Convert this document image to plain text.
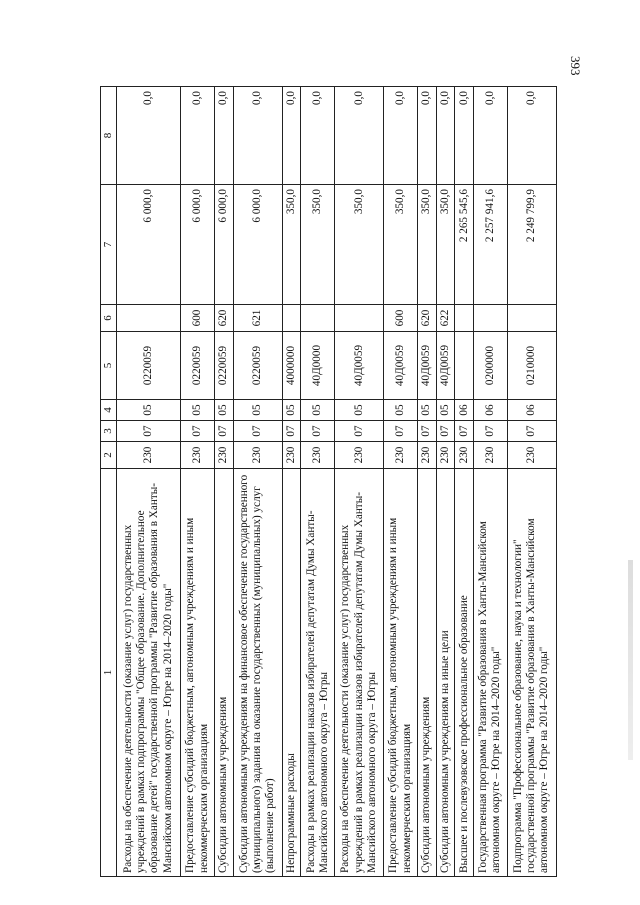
393
1	2	3	4	5	6	7	8
Расходы на обеспечение деятельности (оказание услуг) государственных учреждений в рамках подпрограммы "Общее образование. Дополнительное образование детей" государственной программы "Развитие образования в Ханты-Мансийском автономном округе – Югре на 2014–2020 годы"	230	07	05	0220059		6 000,0	0,0
Предоставление субсидий бюджетным, автономным учреждениям и иным некоммерческим организациям	230	07	05	0220059	600	6 000,0	0,0
Субсидии автономным учреждениям	230	07	05	0220059	620	6 000,0	0,0
Субсидии автономным учреждениям на финансовое обеспечение государственного (муниципального) задания на оказание государственных (муниципальных) услуг (выполнение работ)	230	07	05	0220059	621	6 000,0	0,0
Непрограммные расходы	230	07	05	4000000		350,0	0,0
Расходы в рамках реализации наказов избирателей депутатам Думы Ханты-Мансийского автономного округа – Югры	230	07	05	40Д0000		350,0	0,0
Расходы на обеспечение деятельности (оказание услуг) государственных учреждений в рамках реализации наказов избирателей депутатам Думы Ханты-Мансийского автономного округа – Югры	230	07	05	40Д0059		350,0	0,0
Предоставление субсидий бюджетным, автономным учреждениям и иным некоммерческим организациям	230	07	05	40Д0059	600	350,0	0,0
Субсидии автономным учреждениям	230	07	05	40Д0059	620	350,0	0,0
Субсидии автономным учреждениям на иные цели	230	07	05	40Д0059	622	350,0	0,0
Высшее и послевузовское профессиональное образование	230	07	06			2 265 545,6	0,0
Государственная программа "Развитие образования в Ханты-Мансийском автономном округе – Югре на 2014–2020 годы"	230	07	06	0200000		2 257 941,6	0,0
Подпрограмма "Профессиональное образование, наука и технологии" государственной программы "Развитие образования в Ханты-Мансийском автономном округе – Югре на 2014–2020 годы"	230	07	06	0210000		2 249 799,9	0,0
